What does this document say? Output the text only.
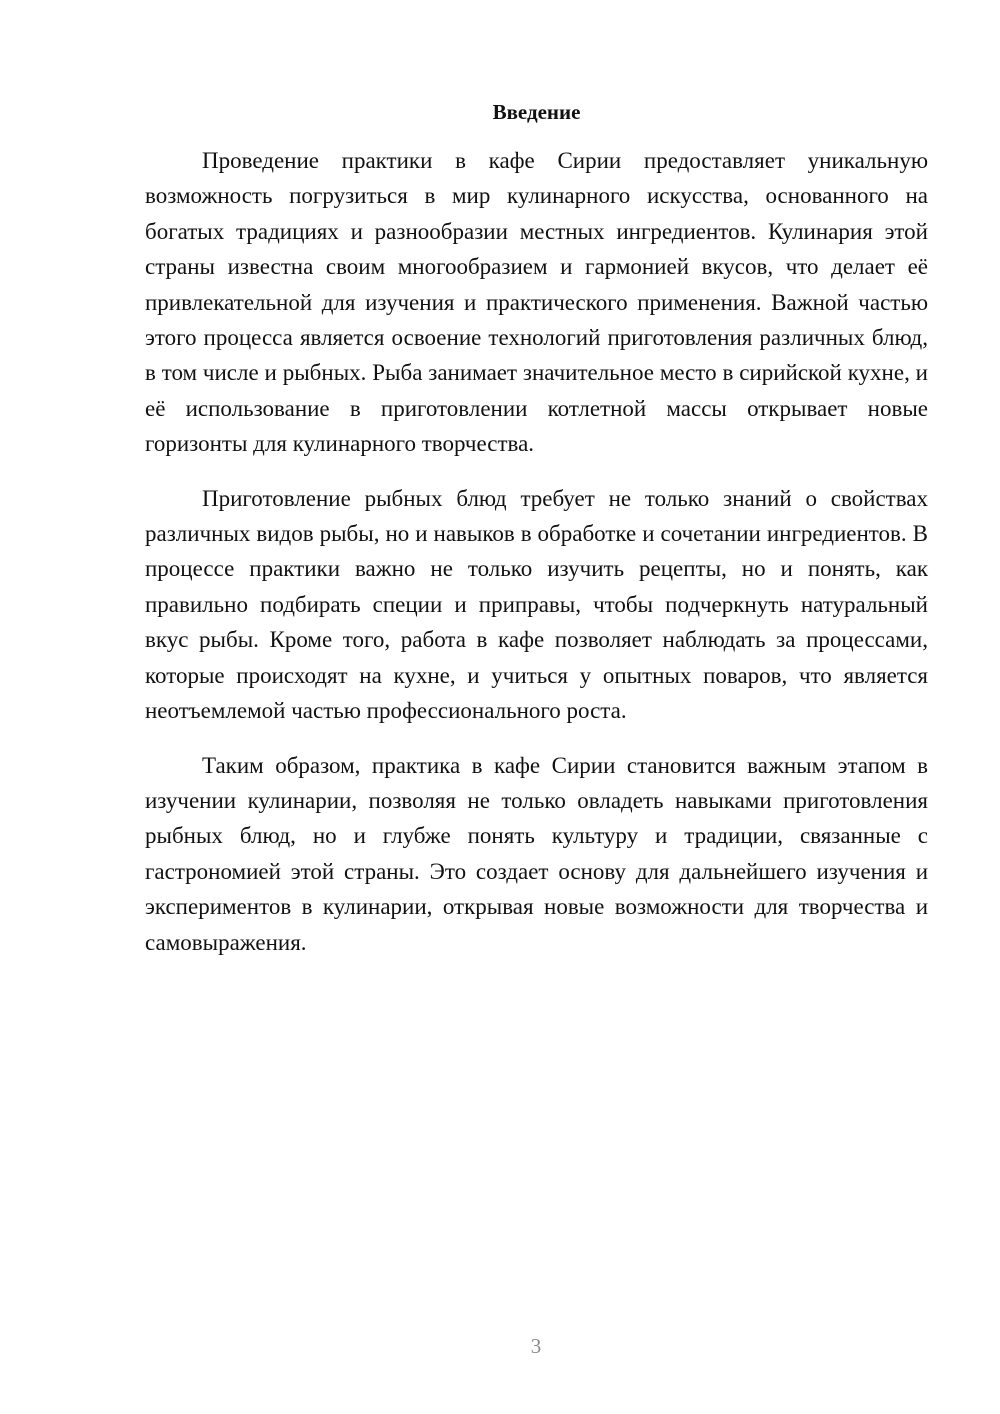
Введение

Проведение практики в кафе Сирии предоставляет уникальную возможность погрузиться в мир кулинарного искусства, основанного на богатых традициях и разнообразии местных ингредиентов. Кулинария этой страны известна своим многообразием и гармонией вкусов, что делает её привлекательной для изучения и практического применения. Важной частью этого процесса является освоение технологий приготовления различных блюд, в том числе и рыбных. Рыба занимает значительное место в сирийской кухне, и её использование в приготовлении котлетной массы открывает новые горизонты для кулинарного творчества.

Приготовление рыбных блюд требует не только знаний о свойствах различных видов рыбы, но и навыков в обработке и сочетании ингредиентов. В процессе практики важно не только изучить рецепты, но и понять, как правильно подбирать специи и приправы, чтобы подчеркнуть натуральный вкус рыбы. Кроме того, работа в кафе позволяет наблюдать за процессами, которые происходят на кухне, и учиться у опытных поваров, что является неотъемлемой частью профессионального роста.

Таким образом, практика в кафе Сирии становится важным этапом в изучении кулинарии, позволяя не только овладеть навыками приготовления рыбных блюд, но и глубже понять культуру и традиции, связанные с гастрономией этой страны. Это создает основу для дальнейшего изучения и экспериментов в кулинарии, открывая новые возможности для творчества и самовыражения.

3
